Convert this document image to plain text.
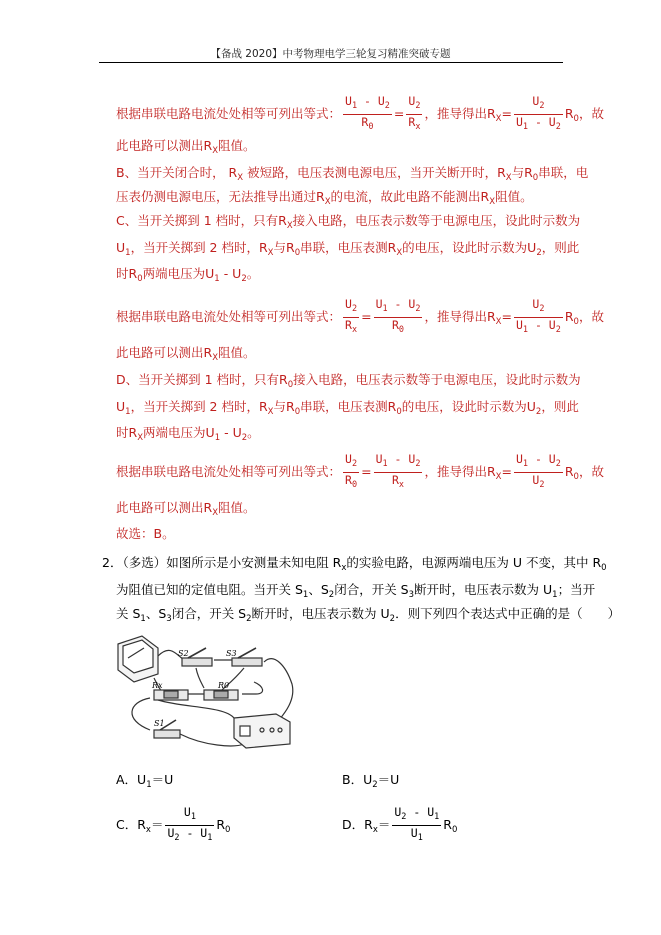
【备战 2020】中考物理电学三轮复习精准突破专题
根据串联电路电流处处相等可列出等式： $\frac{U_1 - U_2}{R_0} = \frac{U_2}{R_x}$ ，推导得出$R_X= \frac{U_2}{U_1 - U_2} R_0$，故
此电路可以测出$R_X$阻值。
B、当开关闭合时， $R_X$ 被短路，电压表测电源电压，当开关断开时，$R_X$与$R_0$串联，电
压表仍测电源电压，无法推导出通过$R_X$的电流，故此电路不能测出$R_X$阻值。
C、当开关掷到 1 档时，只有$R_X$接入电路，电压表示数等于电源电压，设此时示数为
$U_1$，当开关掷到 2 档时，$R_X$与$R_0$串联，电压表测$R_X$的电压，设此时示数为$U_2$，则此
时$R_0$两端电压为$U_1 - U_2$。
根据串联电路电流处处相等可列出等式： $\frac{U_2}{R_x} = \frac{U_1 - U_2}{R_0}$ ，推导得出$R_X= \frac{U_2}{U_1 - U_2} R_0$，故
此电路可以测出$R_X$阻值。
D、当开关掷到 1 档时，只有$R_0$接入电路，电压表示数等于电源电压，设此时示数为
$U_1$，当开关掷到 2 档时，$R_X$与$R_0$串联，电压表测$R_0$的电压，设此时示数为$U_2$，则此
时$R_X$两端电压为$U_1 - U_2$。
根据串联电路电流处处相等可列出等式： $\frac{U_2}{R_0} = \frac{U_1 - U_2}{R_x}$ ，推导得出$R_X= \frac{U_1 - U_2}{U_2} R_0$，故
此电路可以测出$R_X$阻值。
故选：B。
2．（多选）如图所示是小安测量未知电阻 $R_x$的实验电路，电源两端电压为 U 不变，其中 $R_0$
为阻值已知的定值电阻。当开关 $S_1$、$S_2$闭合，开关 $S_3$断开时，电压表示数为 $U_1$；当开
关 $S_1$、$S_3$闭合，开关 $S_2$断开时，电压表示数为 $U_2$．则下列四个表达式中正确的是（　　）
S2	S3
Rx	R0
S1
A．$U_1=U$	B．$U_2=U$
C．$R_x= \frac{U_1}{U_2 - U_1} R_0$	D．$R_x= \frac{U_2 - U_1}{U_1} R_0$
